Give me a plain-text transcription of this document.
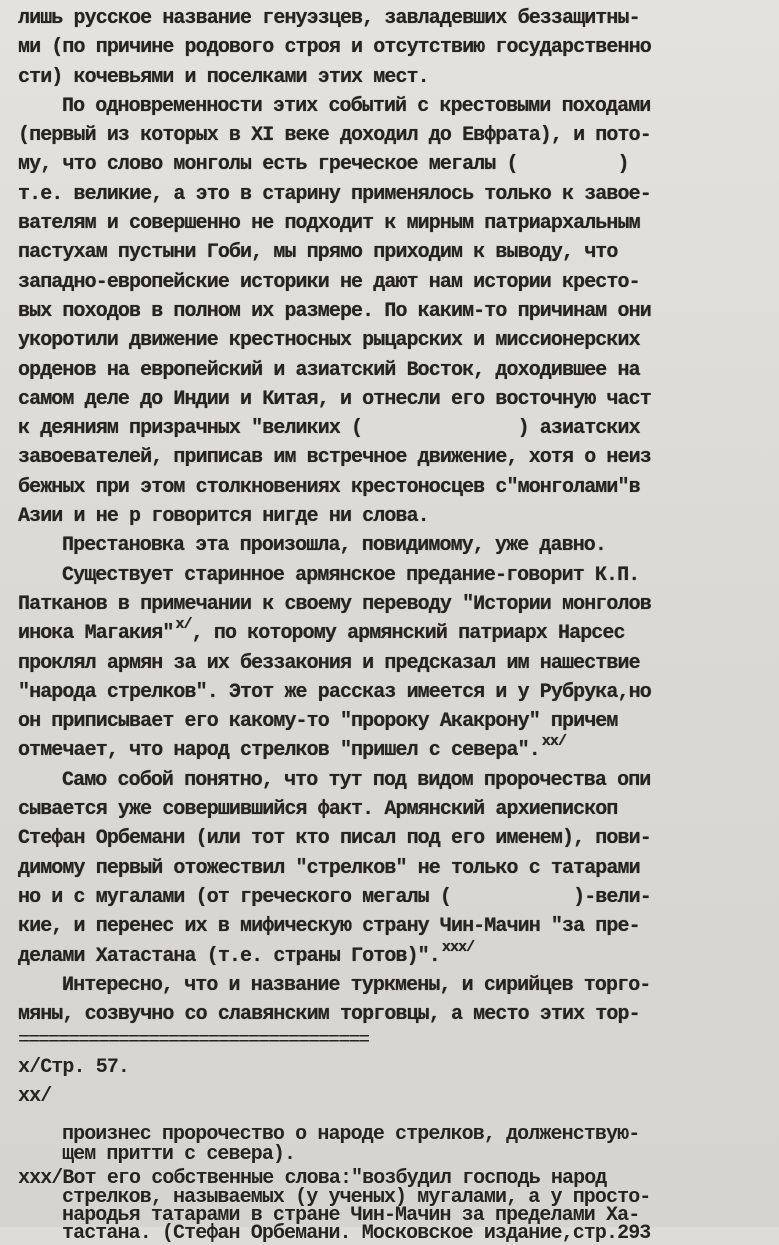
лишь русское название генуэзцев, завладевших беззащитны-
ми (по причине родового строя и отсутствию государственно
сти) кочевьями и поселками этих мест.
По одновременности этих событий с крестовыми походами
(первый из которых в XI веке доходил до Евфрата), и пото-
му, что слово монголы есть греческое мегалы (         )
т.е. великие, а это в старину применялось только к завое-
вателям и совершенно не подходит к мирным патриархальным
пастухам пустыни Гоби, мы прямо приходим к выводу, что
западно-европейские историки не дают нам истории кресто-
вых походов в полном их размере. По каким-то причинам они
укоротили движение крестносных рыцарских и миссионерских
орденов на европейский и азиатский Восток, доходившее на
самом деле до Индии и Китая, и отнесли его восточную част
к деяниям призрачных "великих (              ) азиатских
завоевателей, приписав им встречное движение, хотя о неиз
бежных при этом столкновениях крестоносцев с"монголами"в
Азии и не р говорится нигде ни слова.
Престановка эта произошла, повидимому, уже давно.
Существует старинное армянское предание-говорит К.П.
Патканов в примечании к своему переводу "Истории монголов
инока Магакия" $^{х/}$, по которому армянский патриарх Нарсес
проклял армян за их беззакония и предсказал им нашествие
"народа стрелков". Этот же рассказ имеется и у Рубрука,но
он приписывает его какому-то "пророку Акакрону" причем
отмечает, что народ стрелков "пришел с севера". $^{хх/}$
Само собой понятно, что тут под видом пророчества опи
сывается уже совершившийся факт. Армянский архиепископ
Стефан Орбемани (или тот кто писал под его именем), пови-
димому первый отожествил "стрелков" не только с татарами
но и с мугалами (от греческого мегалы (           )-вели-
кие, и перенес их в мифическую страну Чин-Мачин "за пре-
делами Хатастана (т.е. страны Готов)". $^{ххх/}$
Интересно, что и название туркмены, и сирийцев торго-
мяны, созвучно со славянским торговцы, а место этих тор-
===================================
х/Стр. 57.
хх/
произнес пророчество о народе стрелков, долженствую-
щем притти с севера).
ххх/Вот его собственные слова:"возбудил господь народ
стрелков, называемых (у ученых) мугалами, а у просто-
народья татарами в стране Чин-Мачин за пределами Ха-
тастана. (Стефан Орбемани. Московское издание,стр.293
